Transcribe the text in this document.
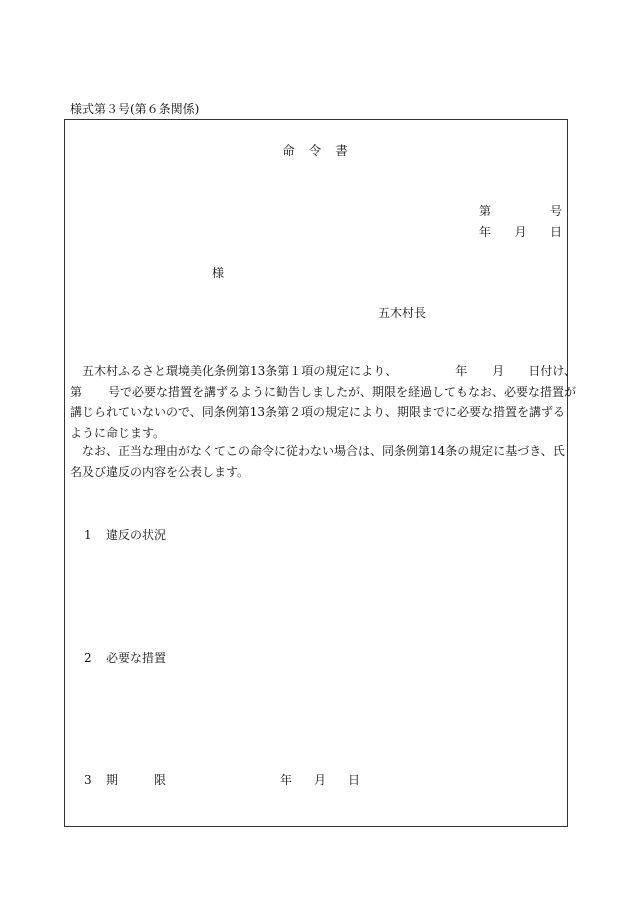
様式第３号(第６条関係)
命 令 書
第	号
年 月 日
様
五木村長
五木村ふるさと環境美化条例第13条第１項の規定により、	年 月 日付け、
第 号で必要な措置を講ずるように勧告しましたが、期限を経過してもなお、必要な措置が
講じられていないので、同条例第13条第２項の規定により、期限までに必要な措置を講ずる
ように命じます。
なお、正当な理由がなくてこの命令に従わない場合は、同条例第14条の規定に基づき、氏
名及び違反の内容を公表します。
1	違反の状況
2	必要な措置
3	期	限	年 月 日
